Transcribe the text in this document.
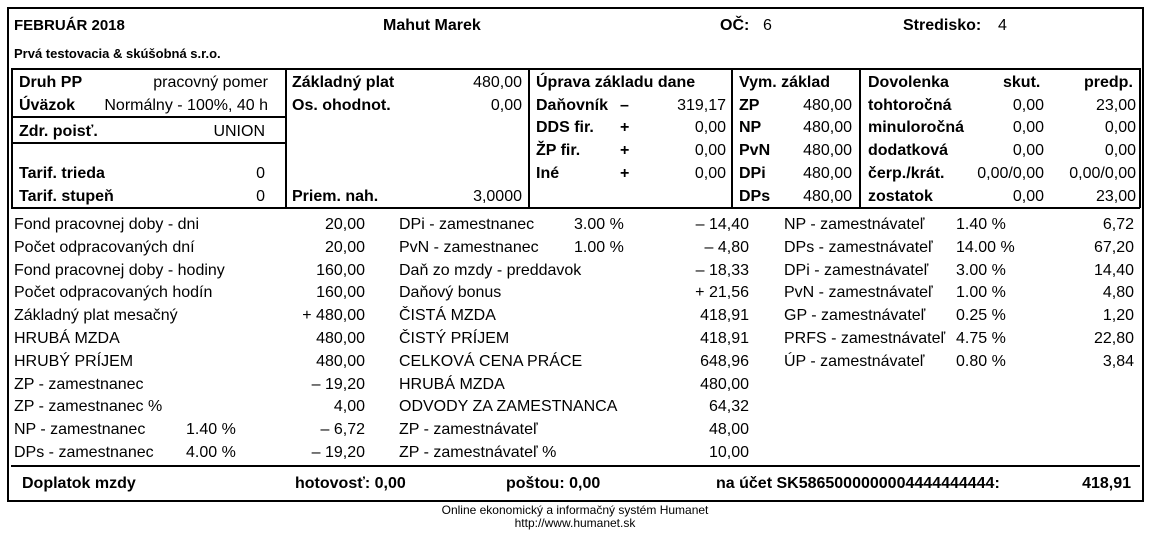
FEBRUÁR 2018	Mahut Marek	OČ: 6	Stredisko: 4
Prvá testovacia & skúšobná s.r.o.
Druh PP	pracovný pomer
Úväzok Normálny - 100%, 40 h
Zdr. poisť.	UNION
Tarif. trieda	0
Tarif. stupeň	0
Základný plat	480,00
Os. ohodnot.	0,00
Priem. nah.	3,0000
Úprava základu dane
Daňovník –	319,17
DDS fir. +	0,00
ŽP fir. +	0,00
Iné	+	0,00
Vym. základ
ZP	480,00
NP	480,00
PvN 480,00
DPi 480,00
DPs 480,00
Dovolenka	skut.	predp.
tohtoročná	0,00	23,00
minuloročná	0,00	0,00
dodatková	0,00	0,00
čerp./krát. 0,00/0,00 0,00/0,00
zostatok	0,00	23,00
Fond pracovnej doby - dni	20,00
Počet odpracovaných dní	20,00
Fond pracovnej doby - hodiny	160,00
Počet odpracovaných hodín	160,00
Základný plat mesačný	+ 480,00
HRUBÁ MZDA	480,00
HRUBÝ PRÍJEM	480,00
ZP - zamestnanec	– 19,20
ZP - zamestnanec %	4,00
NP - zamestnanec	1.40 %	– 6,72
DPs - zamestnanec 4.00 %	– 19,20
DPi - zamestnanec 3.00 %	– 14,40
PvN - zamestnanec 1.00 %	– 4,80
Daň zo mzdy - preddavok	– 18,33
Daňový bonus	+ 21,56
ČISTÁ MZDA	418,91
ČISTÝ PRÍJEM	418,91
CELKOVÁ CENA PRÁCE	648,96
HRUBÁ MZDA	480,00
ODVODY ZA ZAMESTNANCA	64,32
ZP - zamestnávateľ	48,00
ZP - zamestnávateľ %	10,00
NP - zamestnávateľ 1.40 %	6,72
DPs - zamestnávateľ 14.00 %	67,20
DPi - zamestnávateľ 3.00 %	14,40
PvN - zamestnávateľ 1.00 %	4,80
GP - zamestnávateľ 0.25 %	1,20
PRFS - zamestnávateľ 4.75 %	22,80
ÚP - zamestnávateľ 0.80 %	3,84
Doplatok mzdy	hotovosť: 0,00	poštou: 0,00	na účet SK5865000000004444444444:	418,91
Online ekonomický a informačný systém Humanet
http://www.humanet.sk
